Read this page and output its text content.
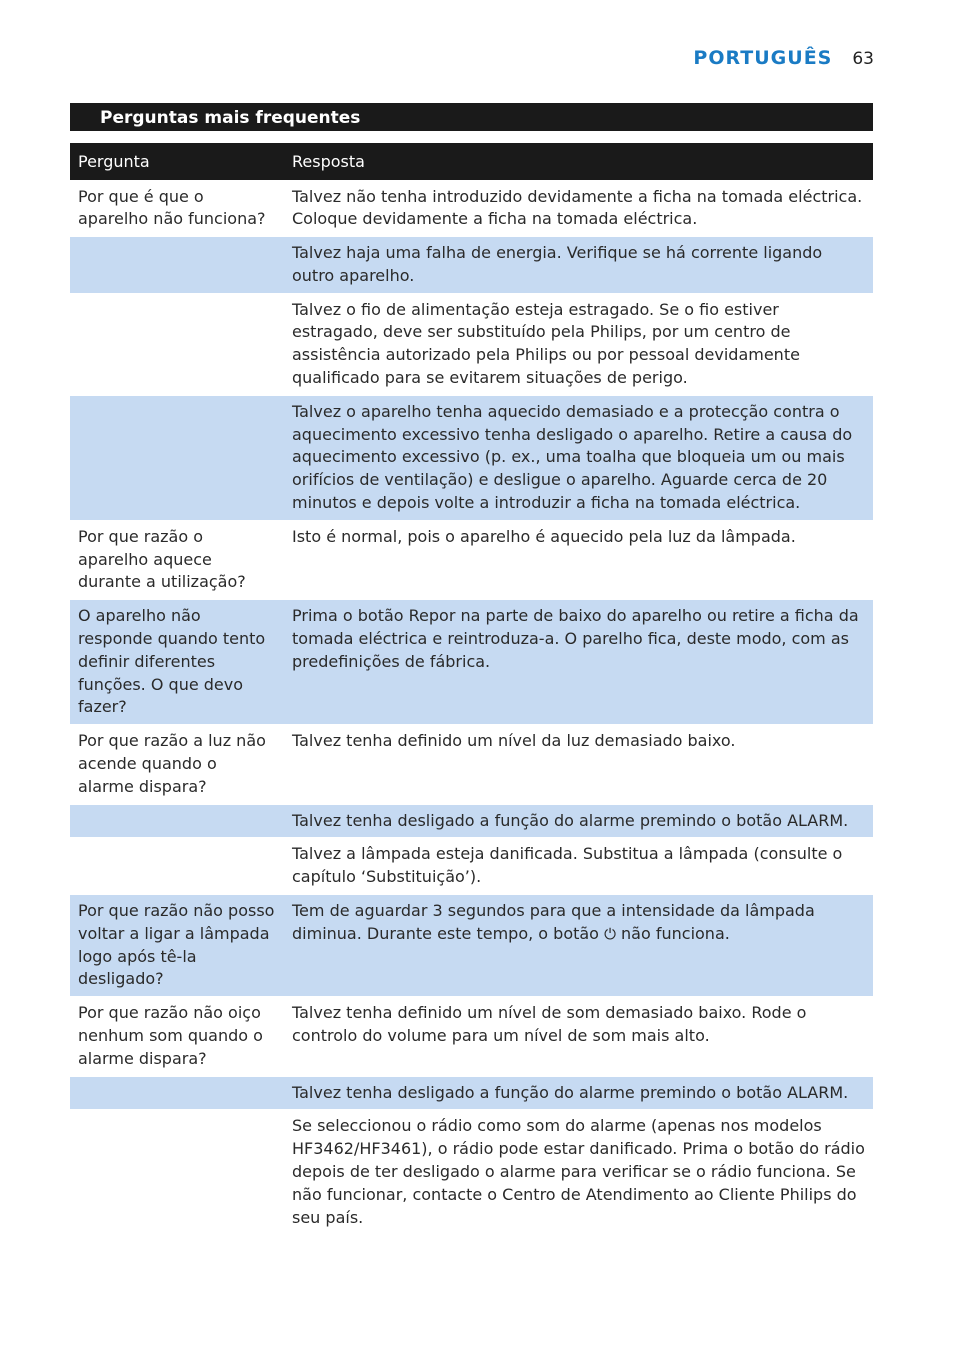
PORTUGUÊS 63
Perguntas mais frequentes
Pergunta	Resposta
Por que é que o aparelho não funciona?	Talvez não tenha introduzido devidamente a ficha na tomada eléctrica. Coloque devidamente a ficha na tomada eléctrica.
	Talvez haja uma falha de energia. Verifique se há corrente ligando outro aparelho.
	Talvez o fio de alimentação esteja estragado. Se o fio estiver estragado, deve ser substituído pela Philips, por um centro de assistência autorizado pela Philips ou por pessoal devidamente qualificado para se evitarem situações de perigo.
	Talvez o aparelho tenha aquecido demasiado e a protecção contra o aquecimento excessivo tenha desligado o aparelho. Retire a causa do aquecimento excessivo (p. ex., uma toalha que bloqueia um ou mais orifícios de ventilação) e desligue o aparelho. Aguarde cerca de 20 minutos e depois volte a introduzir a ficha na tomada eléctrica.
Por que razão o aparelho aquece durante a utilização?	Isto é normal, pois o aparelho é aquecido pela luz da lâmpada.
O aparelho não responde quando tento definir diferentes funções. O que devo fazer?	Prima o botão Repor na parte de baixo do aparelho ou retire a ficha da tomada eléctrica e reintroduza-a. O parelho fica, deste modo, com as predefinições de fábrica.
Por que razão a luz não acende quando o alarme dispara?	Talvez tenha definido um nível da luz demasiado baixo.
	Talvez tenha desligado a função do alarme premindo o botão ALARM.
	Talvez a lâmpada esteja danificada. Substitua a lâmpada (consulte o capítulo ‘Substituição’).
Por que razão não posso voltar a ligar a lâmpada logo após tê-la desligado?	Tem de aguardar 3 segundos para que a intensidade da lâmpada diminua. Durante este tempo, o botão ⏻ não funciona.
Por que razão não oiço nenhum som quando o alarme dispara?	Talvez tenha definido um nível de som demasiado baixo. Rode o controlo do volume para um nível de som mais alto.
	Talvez tenha desligado a função do alarme premindo o botão ALARM.
	Se seleccionou o rádio como som do alarme (apenas nos modelos HF3462/HF3461), o rádio pode estar danificado. Prima o botão do rádio depois de ter desligado o alarme para verificar se o rádio funciona. Se não funcionar, contacte o Centro de Atendimento ao Cliente Philips do seu país.
